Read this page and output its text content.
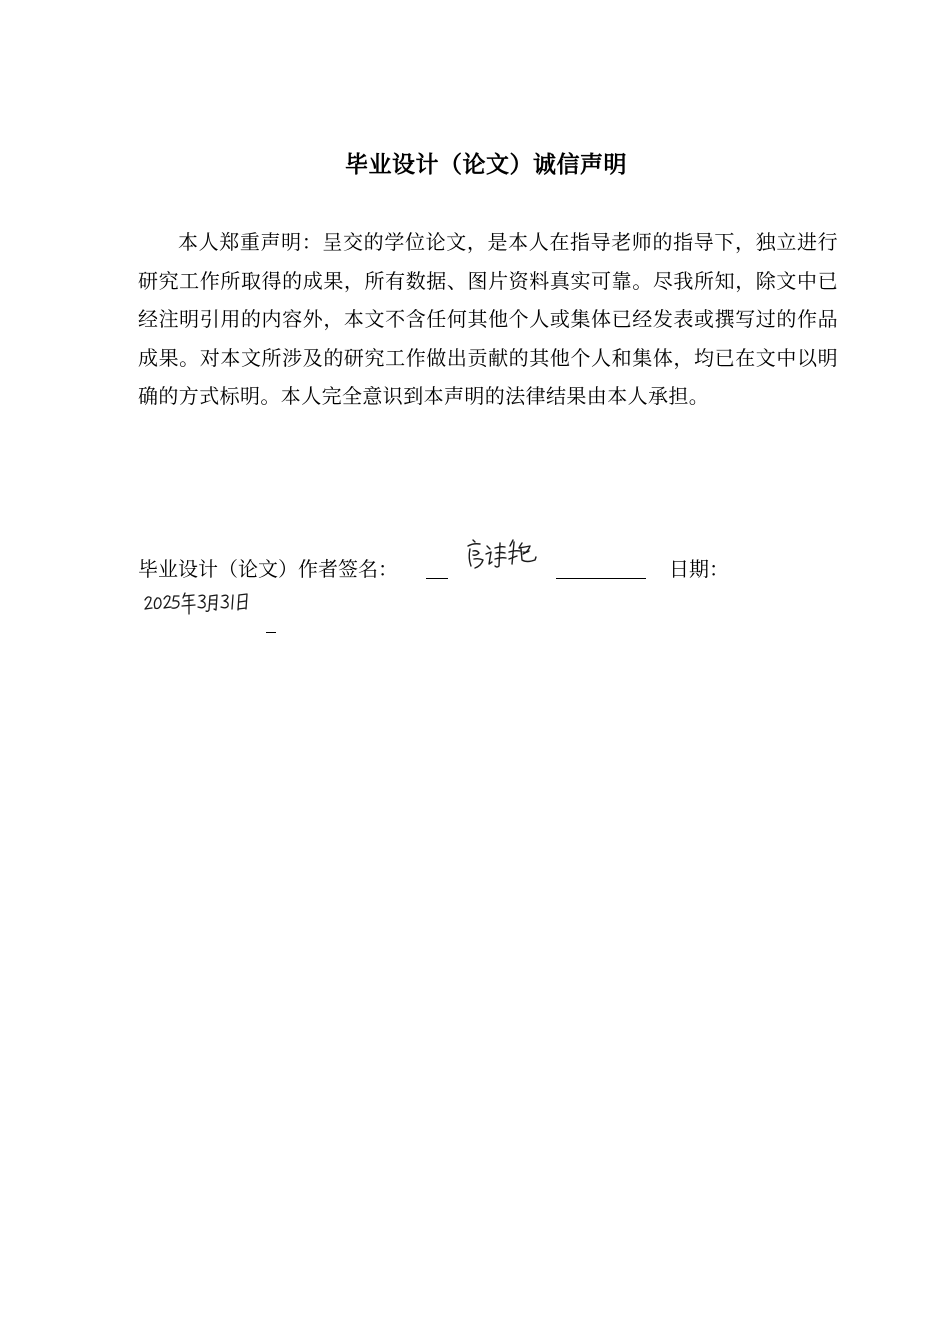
毕业设计（论文）诚信声明
本人郑重声明：呈交的学位论文，是本人在指导老师的指导下，独立进行研究工作所取得的成果，所有数据、图片资料真实可靠。尽我所知，除文中已经注明引用的内容外，本文不含任何其他个人或集体已经发表或撰写过的作品成果。对本文所涉及的研究工作做出贡献的其他个人和集体，均已在文中以明确的方式标明。本人完全意识到本声明的法律结果由本人承担。
毕业设计（论文）作者签名：	日期：
